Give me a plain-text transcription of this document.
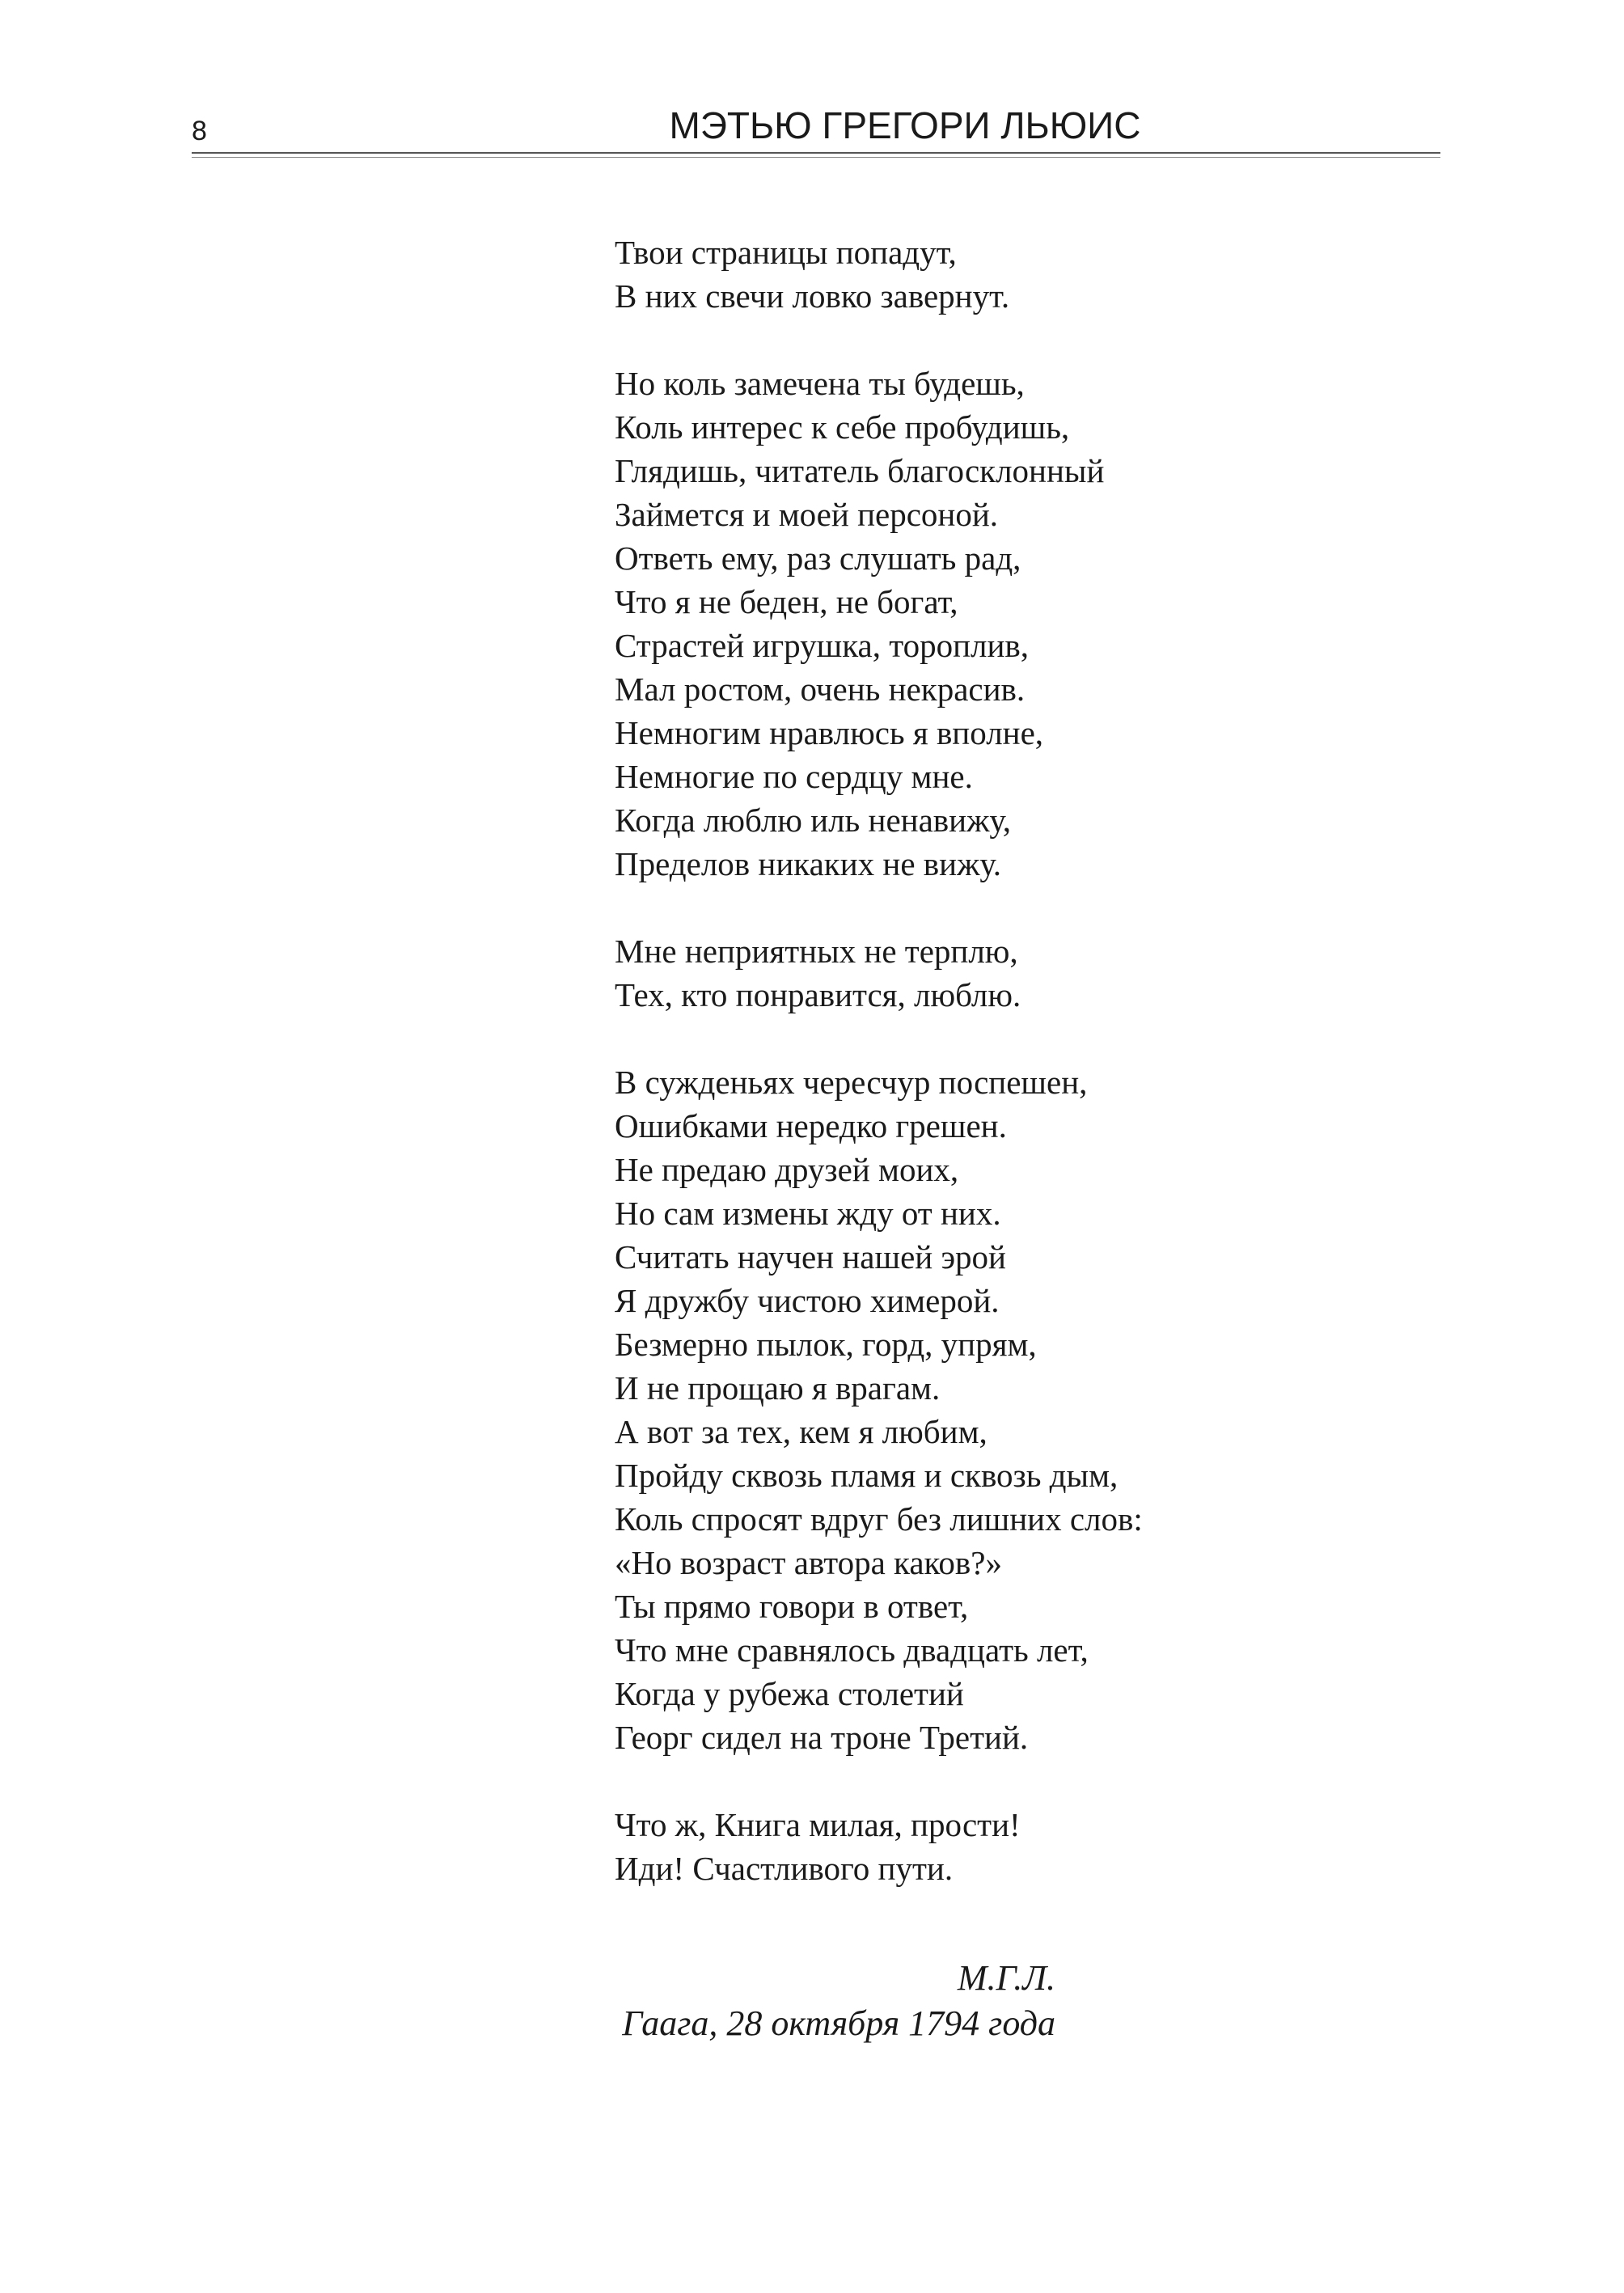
8	МЭТЬЮ ГРЕГОРИ ЛЬЮИС
Твои страницы попадут,
В них свечи ловко завернут.
Но коль замечена ты будешь,
Коль интерес к себе пробудишь,
Глядишь, читатель благосклонный
Займется и моей персоной.
Ответь ему, раз слушать рад,
Что я не беден, не богат,
Страстей игрушка, тороплив,
Мал ростом, очень некрасив.
Немногим нравлюсь я вполне,
Немногие по сердцу мне.
Когда люблю иль ненавижу,
Пределов никаких не вижу.
Мне неприятных не терплю,
Тех, кто понравится, люблю.
В сужденьях чересчур поспешен,
Ошибками нередко грешен.
Не предаю друзей моих,
Но сам измены жду от них.
Считать научен нашей эрой
Я дружбу чистою химерой.
Безмерно пылок, горд, упрям,
И не прощаю я врагам.
А вот за тех, кем я любим,
Пройду сквозь пламя и сквозь дым,
Коль спросят вдруг без лишних слов:
«Но возраст автора каков?»
Ты прямо говори в ответ,
Что мне сравнялось двадцать лет,
Когда у рубежа столетий
Георг сидел на троне Третий.
Что ж, Книга милая, прости!
Иди! Счастливого пути.
М.Г.Л.
Гаага, 28 октября 1794 года
